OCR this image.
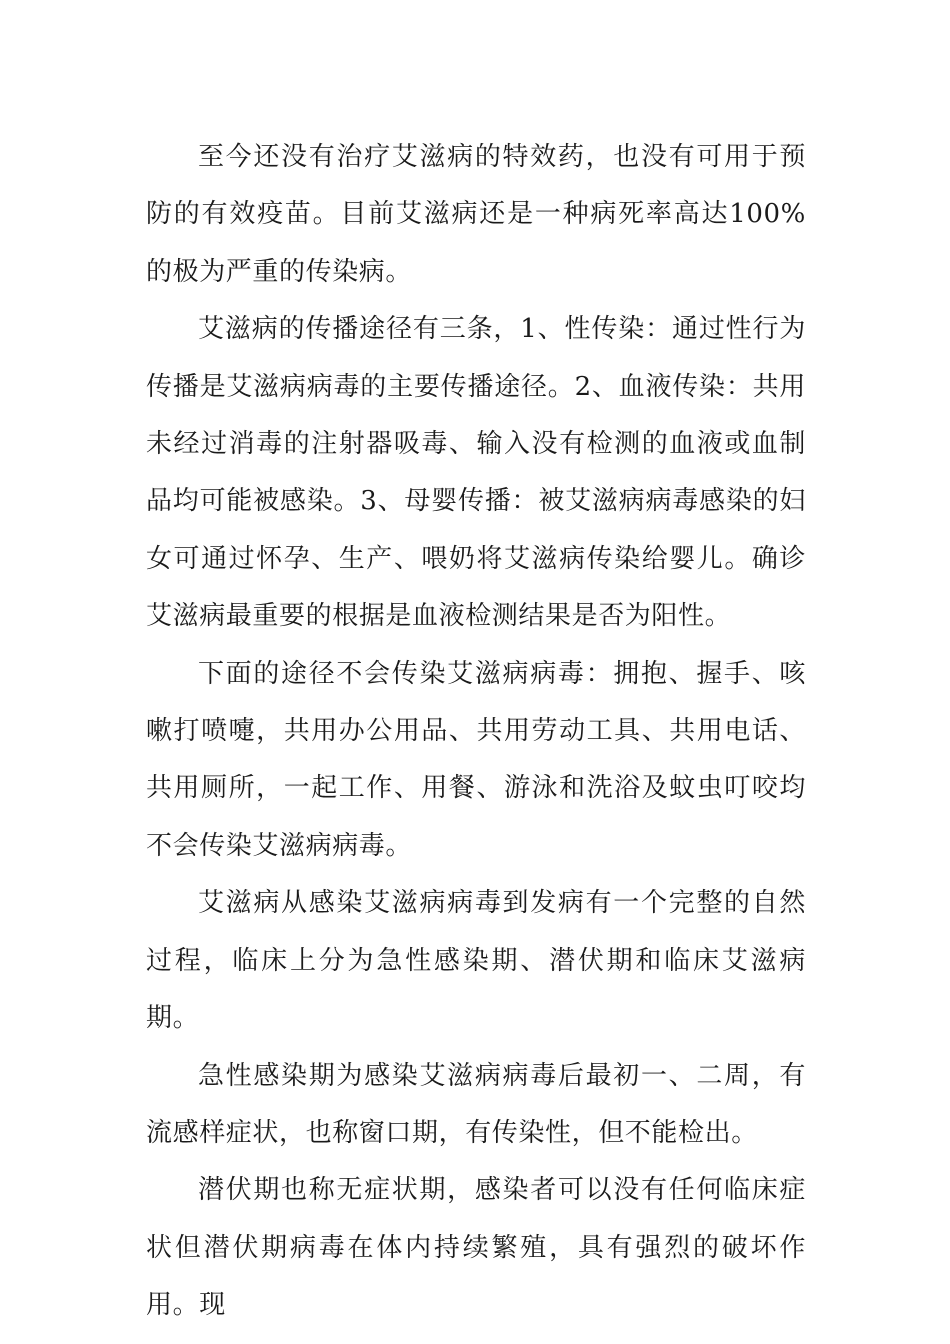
至今还没有治疗艾滋病的特效药，也没有可用于预防的有效疫苗。目前艾滋病还是一种病死率高达100%的极为严重的传染病。

艾滋病的传播途径有三条，1、性传染：通过性行为传播是艾滋病病毒的主要传播途径。2、血液传染：共用未经过消毒的注射器吸毒、输入没有检测的血液或血制品均可能被感染。3、母婴传播：被艾滋病病毒感染的妇女可通过怀孕、生产、喂奶将艾滋病传染给婴儿。确诊艾滋病最重要的根据是血液检测结果是否为阳性。

下面的途径不会传染艾滋病病毒：拥抱、握手、咳嗽打喷嚏，共用办公用品、共用劳动工具、共用电话、共用厕所，一起工作、用餐、游泳和洗浴及蚊虫叮咬均不会传染艾滋病病毒。

艾滋病从感染艾滋病病毒到发病有一个完整的自然过程，临床上分为急性感染期、潜伏期和临床艾滋病期。

急性感染期为感染艾滋病病毒后最初一、二周，有流感样症状，也称窗口期，有传染性，但不能检出。

潜伏期也称无症状期，感染者可以没有任何临床症状但潜伏期病毒在体内持续繁殖，具有强烈的破坏作用。现
